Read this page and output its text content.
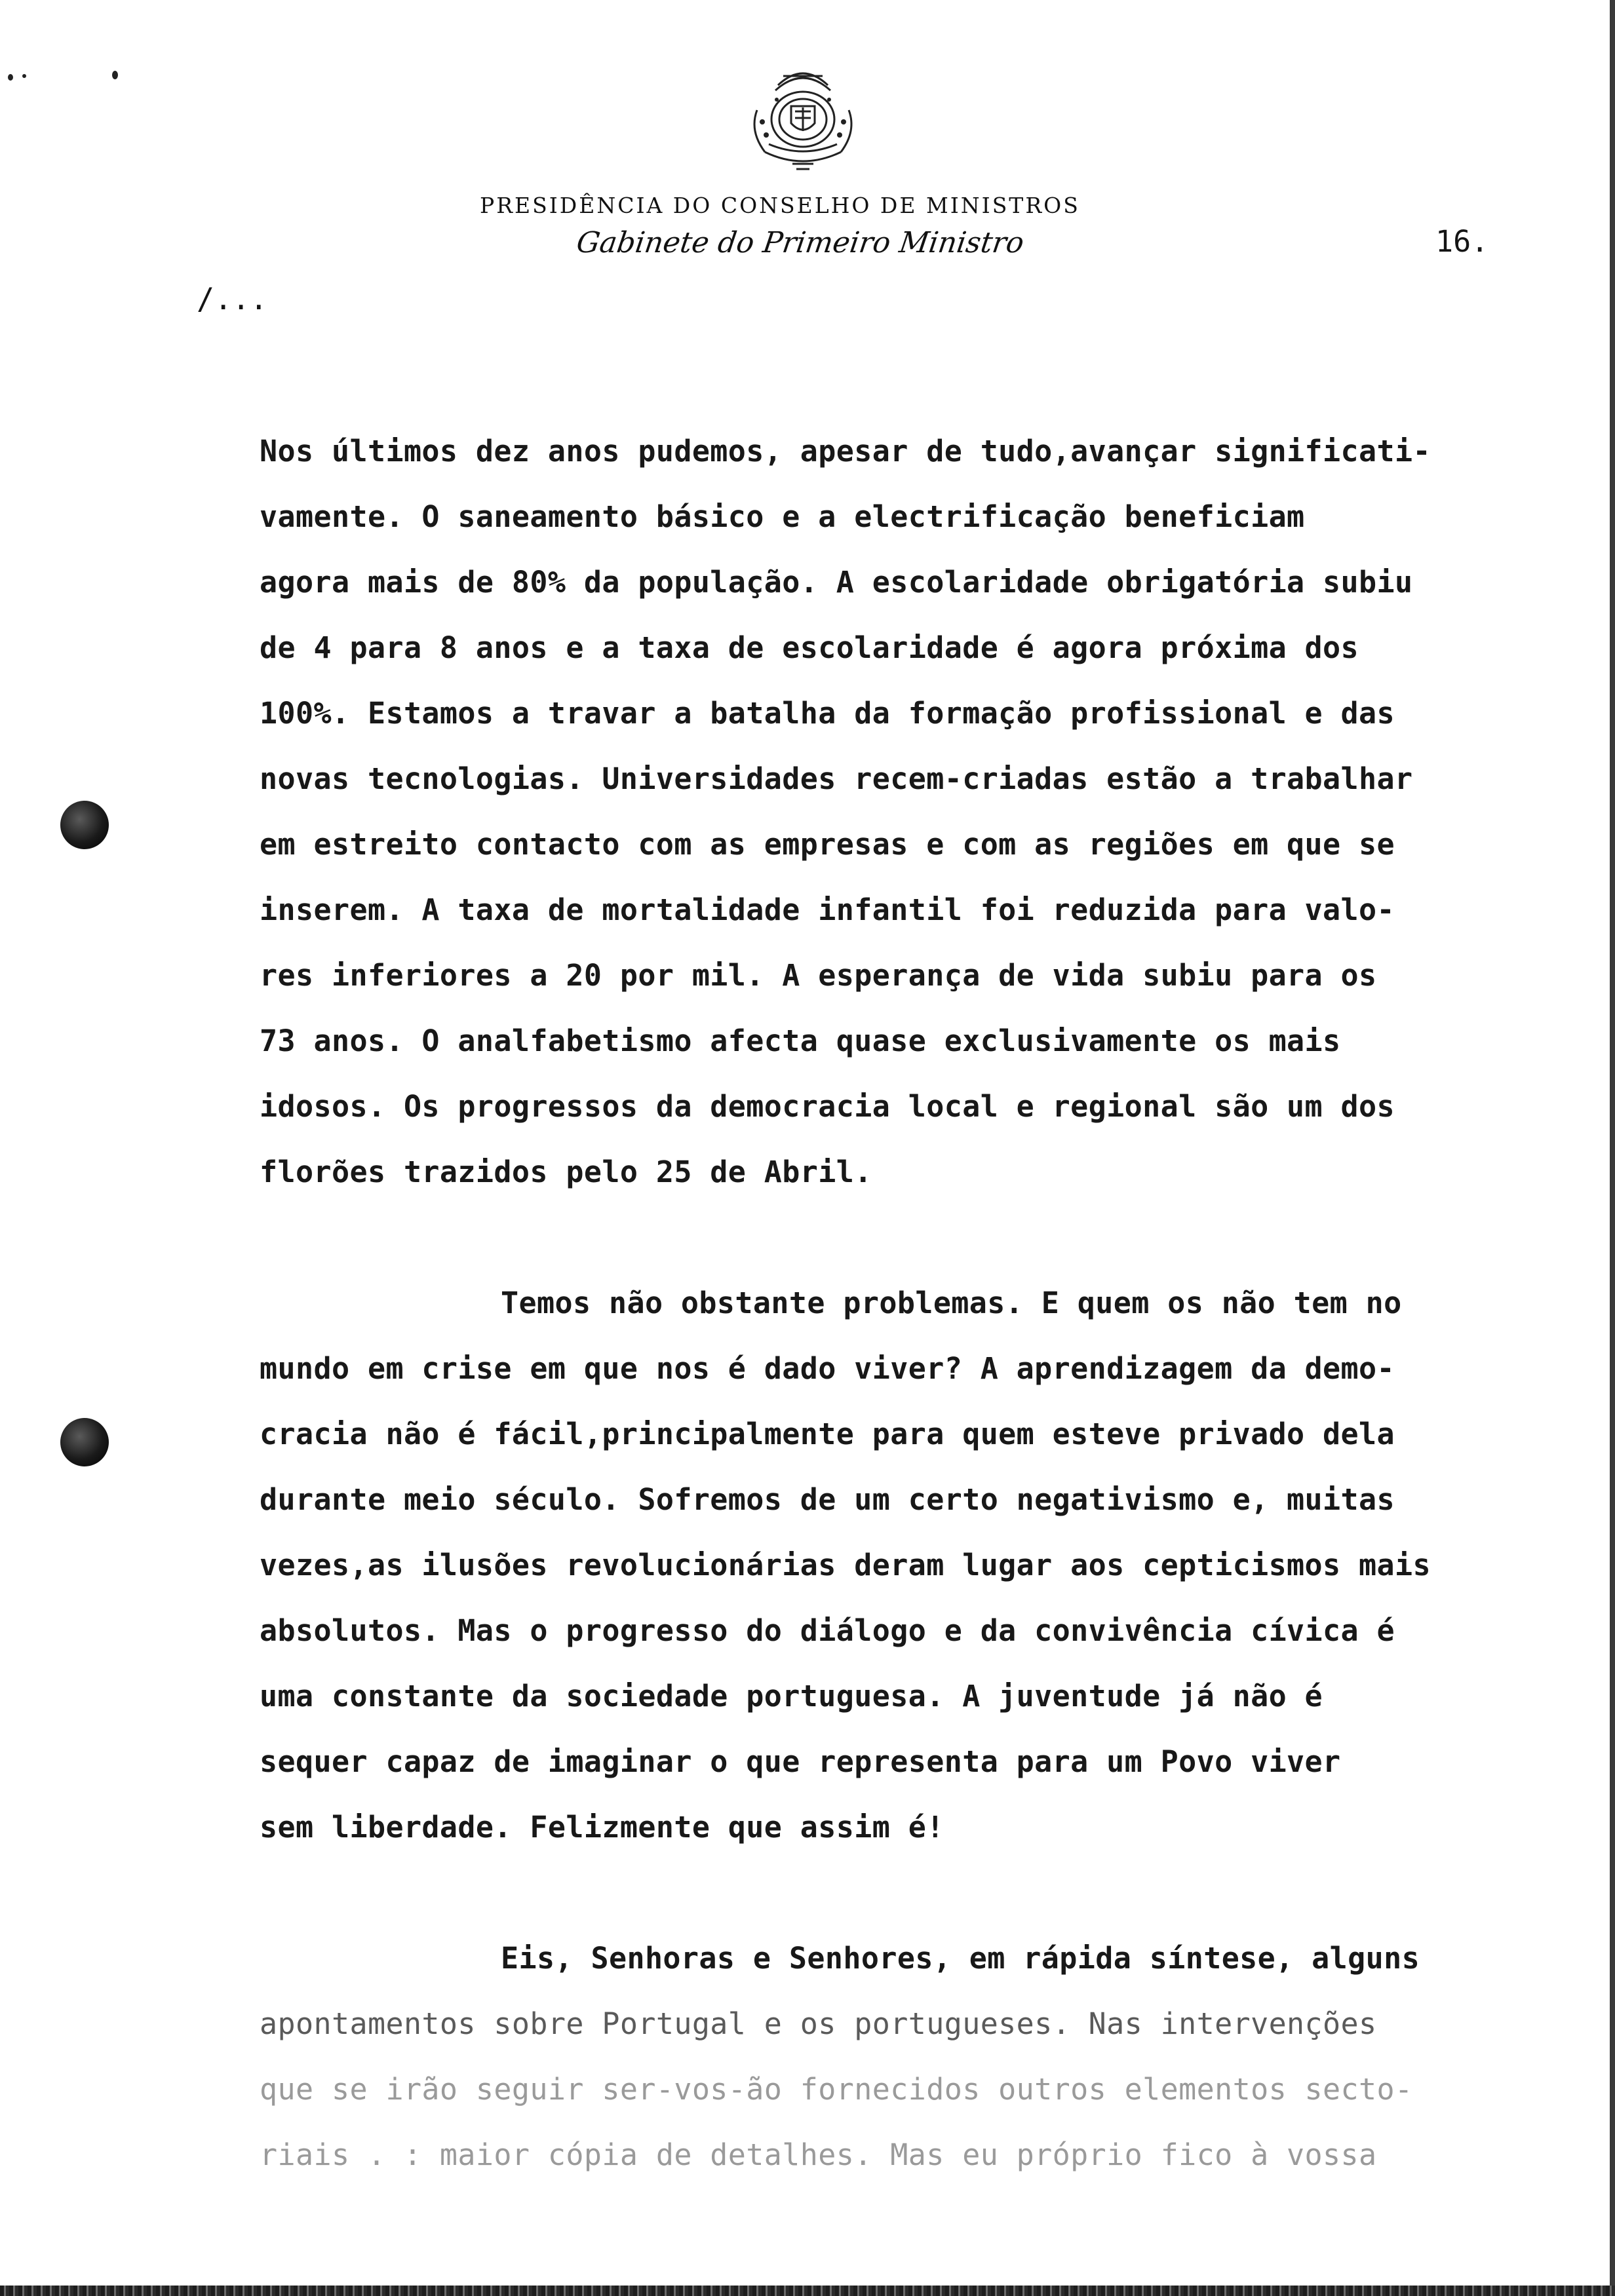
PRESIDÊNCIA DO CONSELHO DE MINISTROS
Gabinete do Primeiro Ministro	16.
/...
Nos últimos dez anos pudemos, apesar de tudo,avançar significati-
vamente. O saneamento básico e a electrificação beneficiam
agora mais de 80% da população. A escolaridade obrigatória subiu
de 4 para 8 anos e a taxa de escolaridade é agora próxima dos
100%. Estamos a travar a batalha da formação profissional e das
novas tecnologias. Universidades recem-criadas estão a trabalhar
em estreito contacto com as empresas e com as regiões em que se
inserem. A taxa de mortalidade infantil foi reduzida para valo-
res inferiores a 20 por mil. A esperança de vida subiu para os
73 anos. O analfabetismo afecta quase exclusivamente os mais
idosos. Os progressos da democracia local e regional são um dos
florões trazidos pelo 25 de Abril.
Temos não obstante problemas. E quem os não tem no
mundo em crise em que nos é dado viver? A aprendizagem da demo-
cracia não é fácil,principalmente para quem esteve privado dela
durante meio século. Sofremos de um certo negativismo e, muitas
vezes,as ilusões revolucionárias deram lugar aos cepticismos mais
absolutos. Mas o progresso do diálogo e da convivência cívica é
uma constante da sociedade portuguesa. A juventude já não é
sequer capaz de imaginar o que representa para um Povo viver
sem liberdade. Felizmente que assim é!
Eis, Senhoras e Senhores, em rápida síntese, alguns
apontamentos sobre Portugal e os portugueses. Nas intervenções
que se irão seguir ser-vos-ão fornecidos outros elementos secto-
riais . : maior cópia de detalhes. Mas eu próprio fico à vossa
